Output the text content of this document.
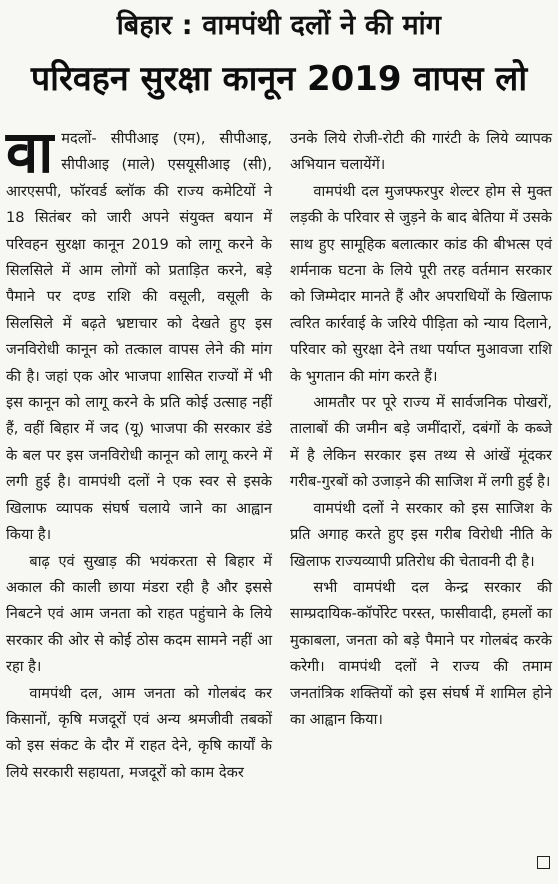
बिहार : वामपंथी दलों ने की मांग
परिवहन सुरक्षा कानून 2019 वापस लो

वामदलों- सीपीआइ (एम), सीपीआइ, सीपीआइ (माले) एसयूसीआइ (सी), आरएसपी, फॉरवर्ड ब्लॉक की राज्य कमेटियों ने 18 सितंबर को जारी अपने संयुक्त बयान में परिवहन सुरक्षा कानून 2019 को लागू करने के सिलसिले में आम लोगों को प्रताड़ित करने, बड़े पैमाने पर दण्ड राशि की वसूली, वसूली के सिलसिले में बढ़ते भ्रष्टाचार को देखते हुए इस जनविरोधी कानून को तत्काल वापस लेने की मांग की है। जहां एक ओर भाजपा शासित राज्यों में भी इस कानून को लागू करने के प्रति कोई उत्साह नहीं हैं, वहीं बिहार में जद (यू) भाजपा की सरकार डंडे के बल पर इस जनविरोधी कानून को लागू करने में लगी हुई है। वामपंथी दलों ने एक स्वर से इसके खिलाफ व्यापक संघर्ष चलाये जाने का आह्वान किया है।

बाढ़ एवं सुखाड़ की भयंकरता से बिहार में अकाल की काली छाया मंडरा रही है और इससे निबटने एवं आम जनता को राहत पहुंचाने के लिये सरकार की ओर से कोई ठोस कदम सामने नहीं आ रहा है।

वामपंथी दल, आम जनता को गोलबंद कर किसानों, कृषि मजदूरों एवं अन्य श्रमजीवी तबकों को इस संकट के दौर में राहत देने, कृषि कार्यों के लिये सरकारी सहायता, मजदूरों को काम देकर

उनके लिये रोजी-रोटी की गारंटी के लिये व्यापक अभियान चलायेंगें।

वामपंथी दल मुजफ्फरपुर शेल्टर होम से मुक्त लड़की के परिवार से जुड़ने के बाद बेतिया में उसके साथ हुए सामूहिक बलात्कार कांड की बीभत्स एवं शर्मनाक घटना के लिये पूरी तरह वर्तमान सरकार को जिम्मेदार मानते हैं और अपराधियों के खिलाफ त्वरित कार्रवाई के जरिये पीड़िता को न्याय दिलाने, परिवार को सुरक्षा देने तथा पर्याप्त मुआवजा राशि के भुगतान की मांग करते हैं।

आमतौर पर पूरे राज्य में सार्वजनिक पोखरों, तालाबों की जमीन बड़े जमींदारों, दबंगों के कब्जे में है लेकिन सरकार इस तथ्य से आंखें मूंदकर गरीब-गुरबों को उजाड़ने की साजिश में लगी हुई है।

वामपंथी दलों ने सरकार को इस साजिश के प्रति अगाह करते हुए इस गरीब विरोधी नीति के खिलाफ राज्यव्यापी प्रतिरोध की चेतावनी दी है।

सभी वामपंथी दल केन्द्र सरकार की साम्प्रदायिक-कॉर्पोरेट परस्त, फासीवादी, हमलों का मुकाबला, जनता को बड़े पैमाने पर गोलबंद करके करेगी। वामपंथी दलों ने राज्य की तमाम जनतांत्रिक शक्तियों को इस संघर्ष में शामिल होने का आह्वान किया।
